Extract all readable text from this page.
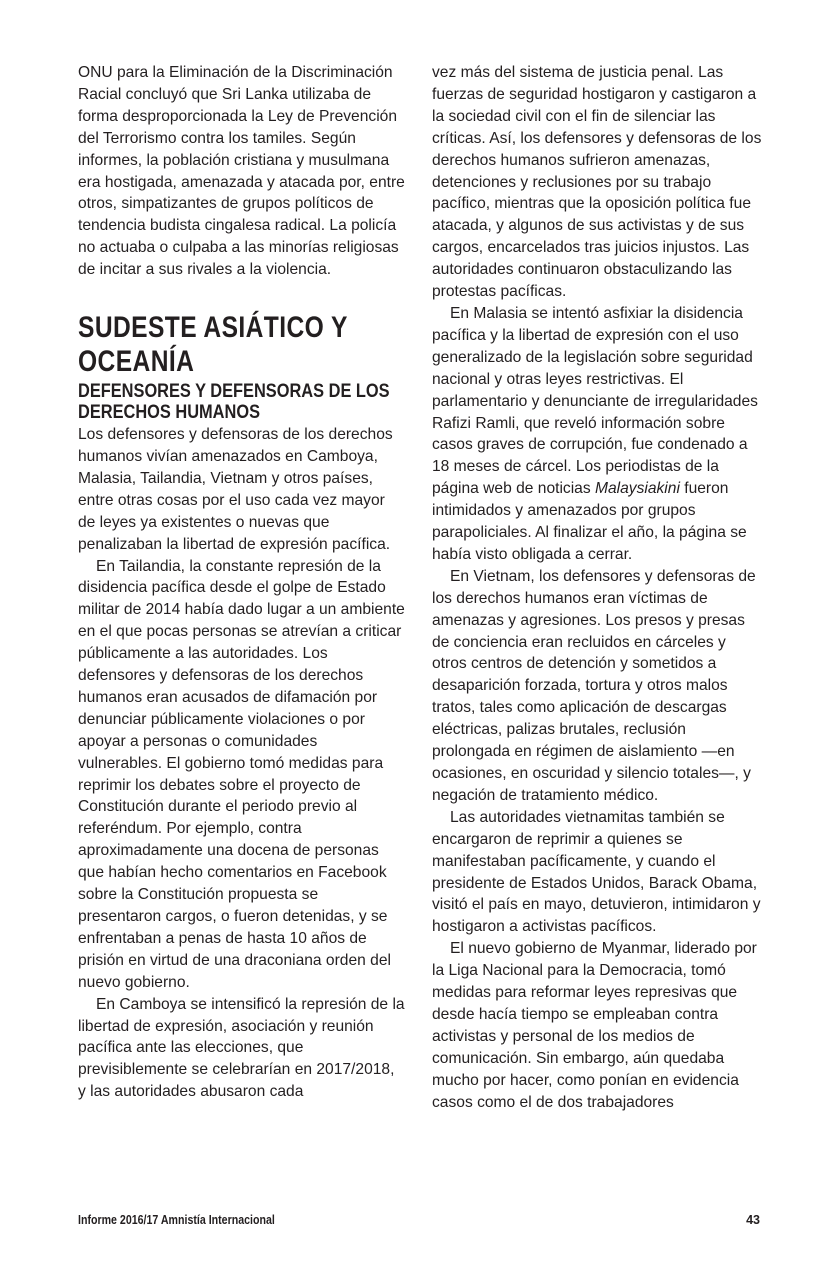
ONU para la Eliminación de la Discriminación Racial concluyó que Sri Lanka utilizaba de forma desproporcionada la Ley de Prevención del Terrorismo contra los tamiles. Según informes, la población cristiana y musulmana era hostigada, amenazada y atacada por, entre otros, simpatizantes de grupos políticos de tendencia budista cingalesa radical. La policía no actuaba o culpaba a las minorías religiosas de incitar a sus rivales a la violencia.

SUDESTE ASIÁTICO Y OCEANÍA
DEFENSORES Y DEFENSORAS DE LOS DERECHOS HUMANOS

Los defensores y defensoras de los derechos humanos vivían amenazados en Camboya, Malasia, Tailandia, Vietnam y otros países, entre otras cosas por el uso cada vez mayor de leyes ya existentes o nuevas que penalizaban la libertad de expresión pacífica.

En Tailandia, la constante represión de la disidencia pacífica desde el golpe de Estado militar de 2014 había dado lugar a un ambiente en el que pocas personas se atrevían a criticar públicamente a las autoridades. Los defensores y defensoras de los derechos humanos eran acusados de difamación por denunciar públicamente violaciones o por apoyar a personas o comunidades vulnerables. El gobierno tomó medidas para reprimir los debates sobre el proyecto de Constitución durante el periodo previo al referéndum. Por ejemplo, contra aproximadamente una docena de personas que habían hecho comentarios en Facebook sobre la Constitución propuesta se presentaron cargos, o fueron detenidas, y se enfrentaban a penas de hasta 10 años de prisión en virtud de una draconiana orden del nuevo gobierno.

En Camboya se intensificó la represión de la libertad de expresión, asociación y reunión pacífica ante las elecciones, que previsiblemente se celebrarían en 2017/2018, y las autoridades abusaron cada

vez más del sistema de justicia penal. Las fuerzas de seguridad hostigaron y castigaron a la sociedad civil con el fin de silenciar las críticas. Así, los defensores y defensoras de los derechos humanos sufrieron amenazas, detenciones y reclusiones por su trabajo pacífico, mientras que la oposición política fue atacada, y algunos de sus activistas y de sus cargos, encarcelados tras juicios injustos. Las autoridades continuaron obstaculizando las protestas pacíficas.

En Malasia se intentó asfixiar la disidencia pacífica y la libertad de expresión con el uso generalizado de la legislación sobre seguridad nacional y otras leyes restrictivas. El parlamentario y denunciante de irregularidades Rafizi Ramli, que reveló información sobre casos graves de corrupción, fue condenado a 18 meses de cárcel. Los periodistas de la página web de noticias Malaysiakini fueron intimidados y amenazados por grupos parapoliciales. Al finalizar el año, la página se había visto obligada a cerrar.

En Vietnam, los defensores y defensoras de los derechos humanos eran víctimas de amenazas y agresiones. Los presos y presas de conciencia eran recluidos en cárceles y otros centros de detención y sometidos a desaparición forzada, tortura y otros malos tratos, tales como aplicación de descargas eléctricas, palizas brutales, reclusión prolongada en régimen de aislamiento —en ocasiones, en oscuridad y silencio totales—, y negación de tratamiento médico.

Las autoridades vietnamitas también se encargaron de reprimir a quienes se manifestaban pacíficamente, y cuando el presidente de Estados Unidos, Barack Obama, visitó el país en mayo, detuvieron, intimidaron y hostigaron a activistas pacíficos.

El nuevo gobierno de Myanmar, liderado por la Liga Nacional para la Democracia, tomó medidas para reformar leyes represivas que desde hacía tiempo se empleaban contra activistas y personal de los medios de comunicación. Sin embargo, aún quedaba mucho por hacer, como ponían en evidencia casos como el de dos trabajadores

Informe 2016/17 Amnistía Internacional	43
